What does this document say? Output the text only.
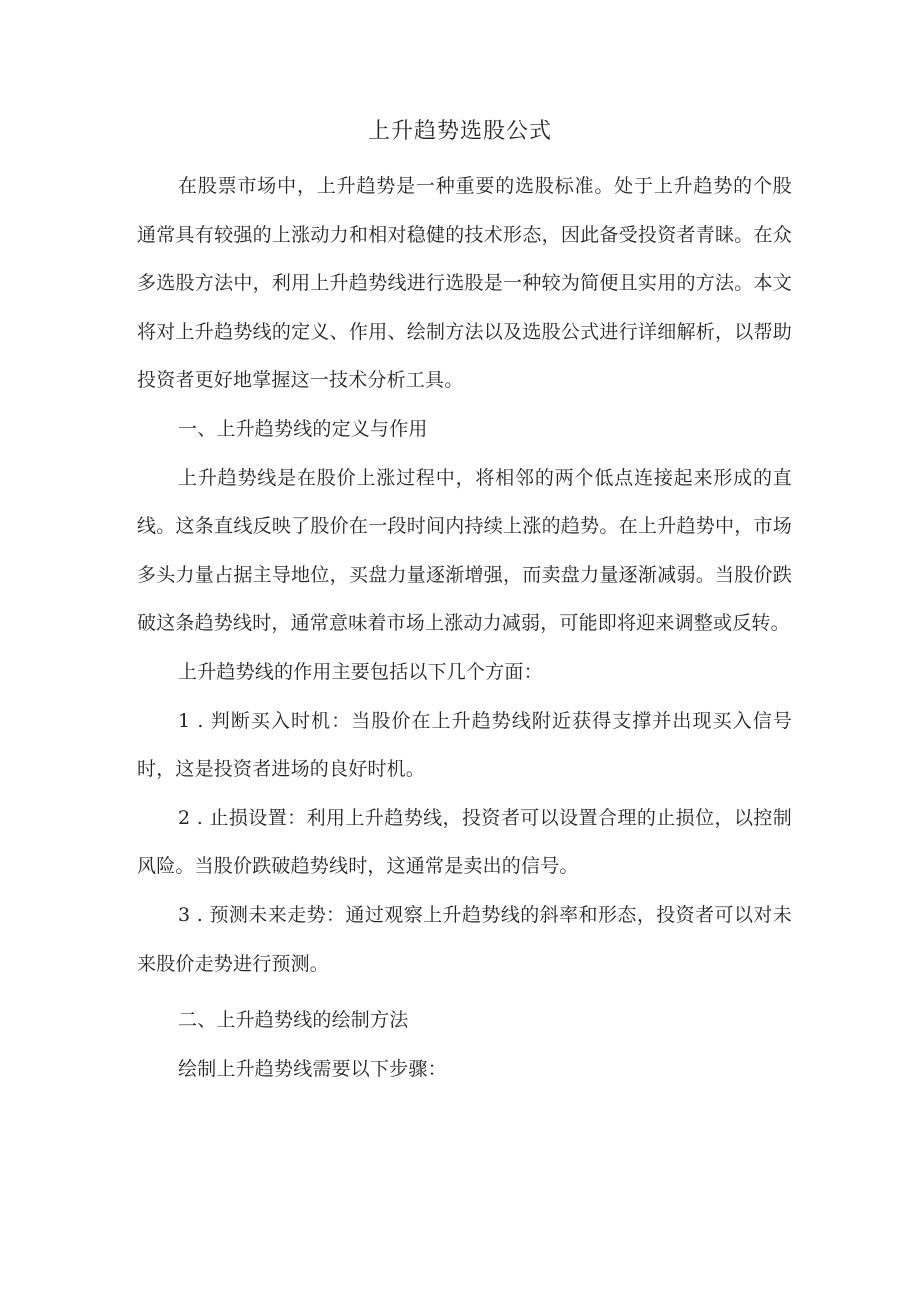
上升趋势选股公式

在股票市场中，上升趋势是一种重要的选股标准。处于上升趋势的个股通常具有较强的上涨动力和相对稳健的技术形态，因此备受投资者青睐。在众多选股方法中，利用上升趋势线进行选股是一种较为简便且实用的方法。本文将对上升趋势线的定义、作用、绘制方法以及选股公式进行详细解析，以帮助投资者更好地掌握这一技术分析工具。

一、上升趋势线的定义与作用

上升趋势线是在股价上涨过程中，将相邻的两个低点连接起来形成的直线。这条直线反映了股价在一段时间内持续上涨的趋势。在上升趋势中，市场多头力量占据主导地位，买盘力量逐渐增强，而卖盘力量逐渐减弱。当股价跌破这条趋势线时，通常意味着市场上涨动力减弱，可能即将迎来调整或反转。

上升趋势线的作用主要包括以下几个方面：

1 . 判断买入时机：当股价在上升趋势线附近获得支撑并出现买入信号时，这是投资者进场的良好时机。

2 . 止损设置：利用上升趋势线，投资者可以设置合理的止损位，以控制风险。当股价跌破趋势线时，这通常是卖出的信号。

3 . 预测未来走势：通过观察上升趋势线的斜率和形态，投资者可以对未来股价走势进行预测。

二、上升趋势线的绘制方法

绘制上升趋势线需要以下步骤：
